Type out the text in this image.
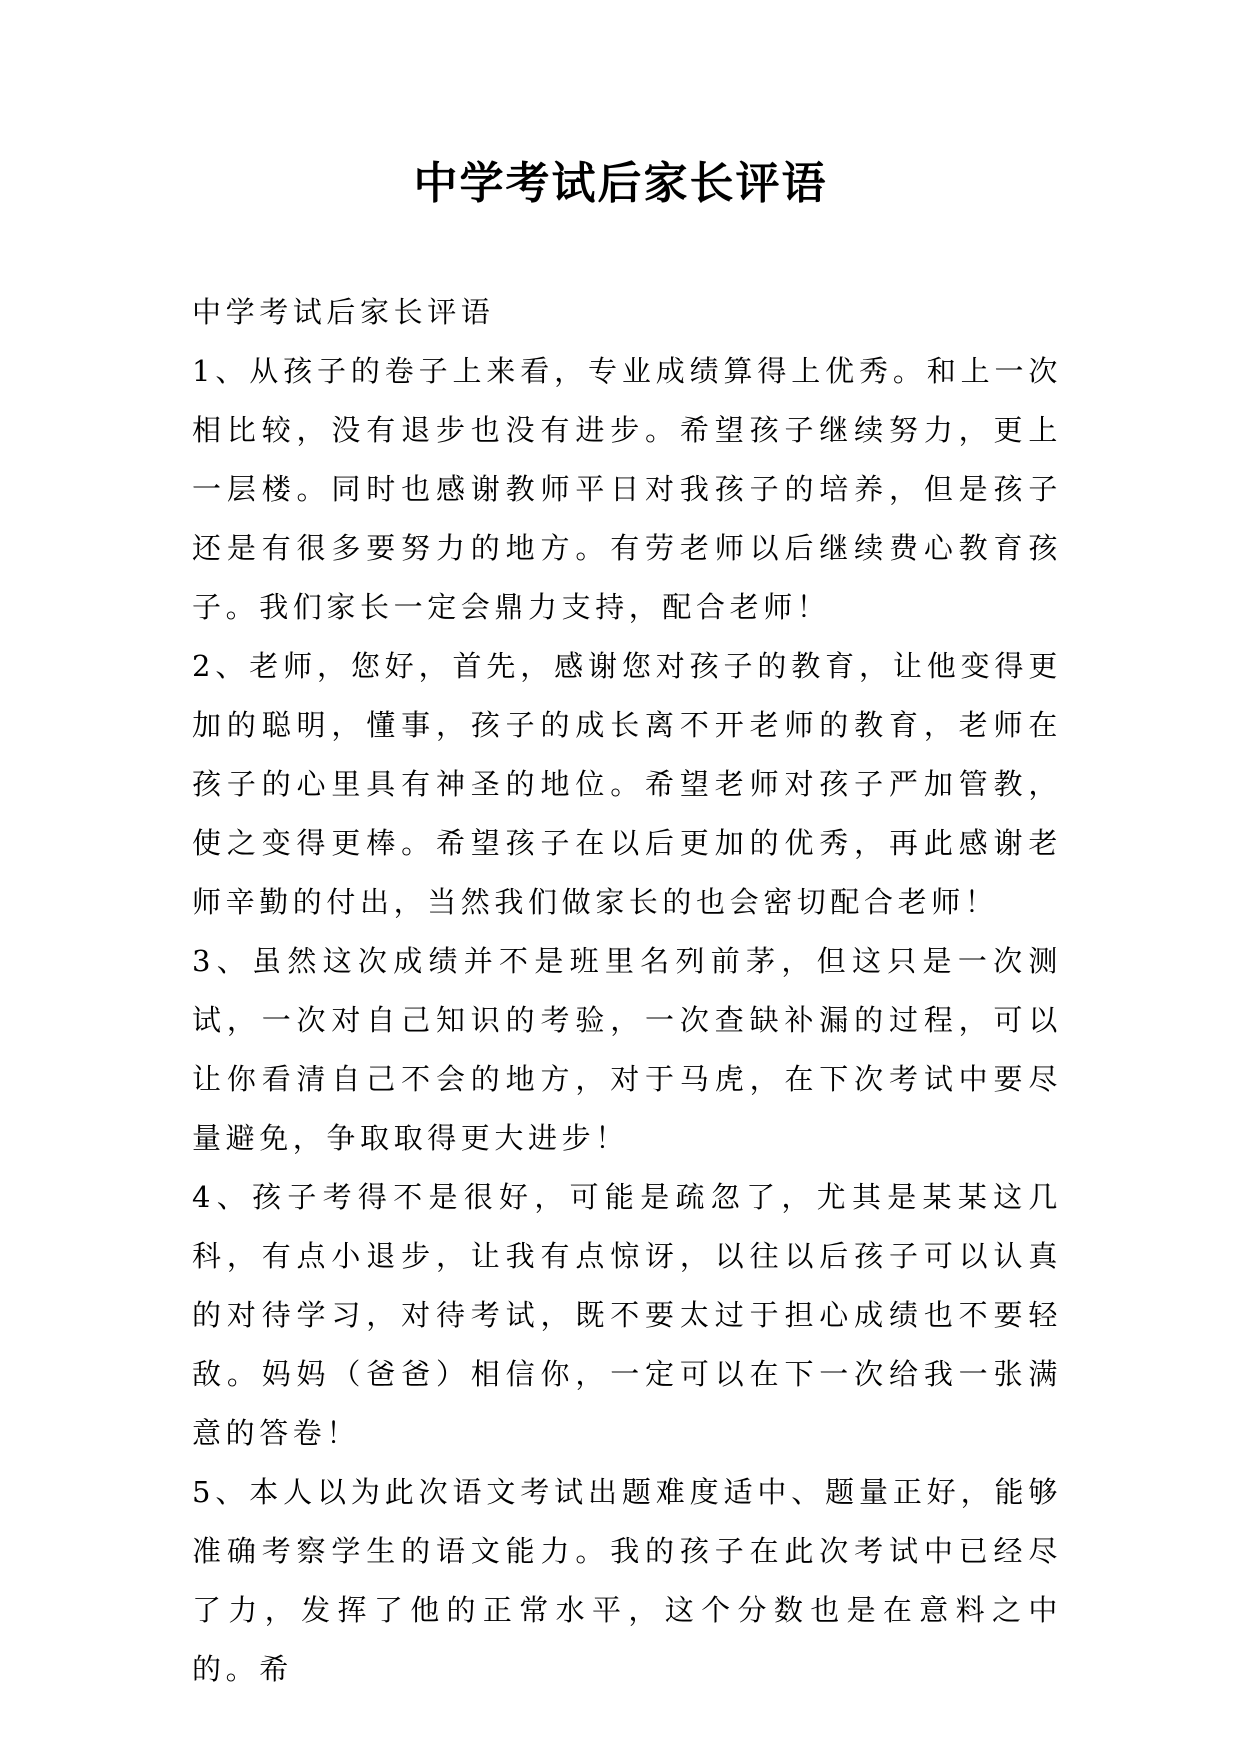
中学考试后家长评语

中学考试后家长评语

1、从孩子的卷子上来看，专业成绩算得上优秀。和上一次相比较，没有退步也没有进步。希望孩子继续努力，更上一层楼。同时也感谢教师平日对我孩子的培养，但是孩子还是有很多要努力的地方。有劳老师以后继续费心教育孩子。我们家长一定会鼎力支持，配合老师！

2、老师，您好，首先，感谢您对孩子的教育，让他变得更加的聪明，懂事，孩子的成长离不开老师的教育，老师在孩子的心里具有神圣的地位。希望老师对孩子严加管教，使之变得更棒。希望孩子在以后更加的优秀，再此感谢老师辛勤的付出，当然我们做家长的也会密切配合老师！

3、虽然这次成绩并不是班里名列前茅，但这只是一次测试，一次对自己知识的考验，一次查缺补漏的过程，可以让你看清自己不会的地方，对于马虎，在下次考试中要尽量避免，争取取得更大进步！

4、孩子考得不是很好，可能是疏忽了，尤其是某某这几科，有点小退步，让我有点惊讶，以往以后孩子可以认真的对待学习，对待考试，既不要太过于担心成绩也不要轻敌。妈妈（爸爸）相信你，一定可以在下一次给我一张满意的答卷！

5、本人以为此次语文考试出题难度适中、题量正好，能够准确考察学生的语文能力。我的孩子在此次考试中已经尽了力，发挥了他的正常水平，这个分数也是在意料之中的。希
